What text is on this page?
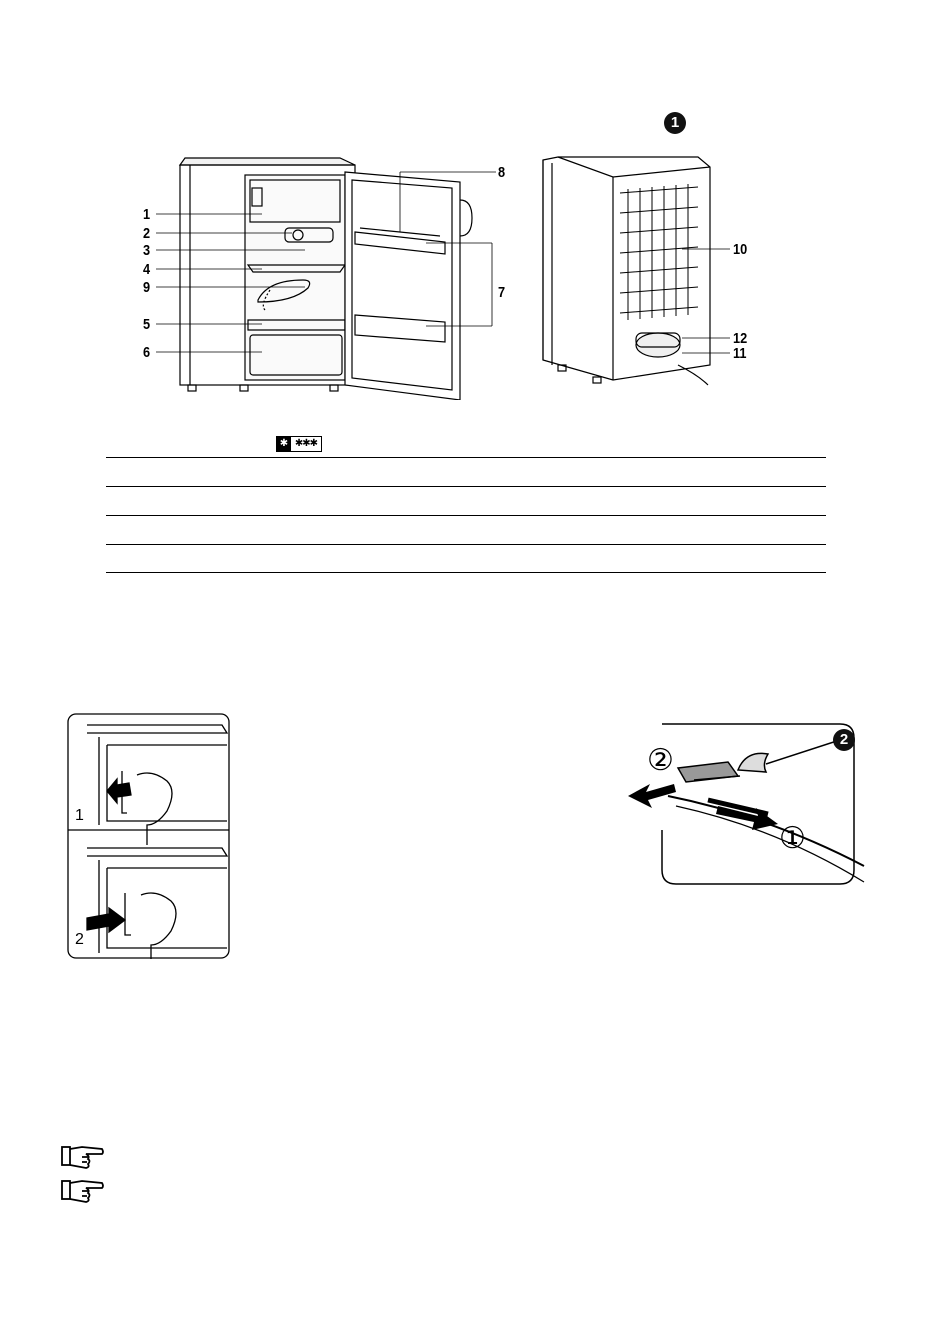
1
2
3
4
9
5
6
8
7
10
12
11
1
✱ ✱✱✱
1
2
2
②
①
